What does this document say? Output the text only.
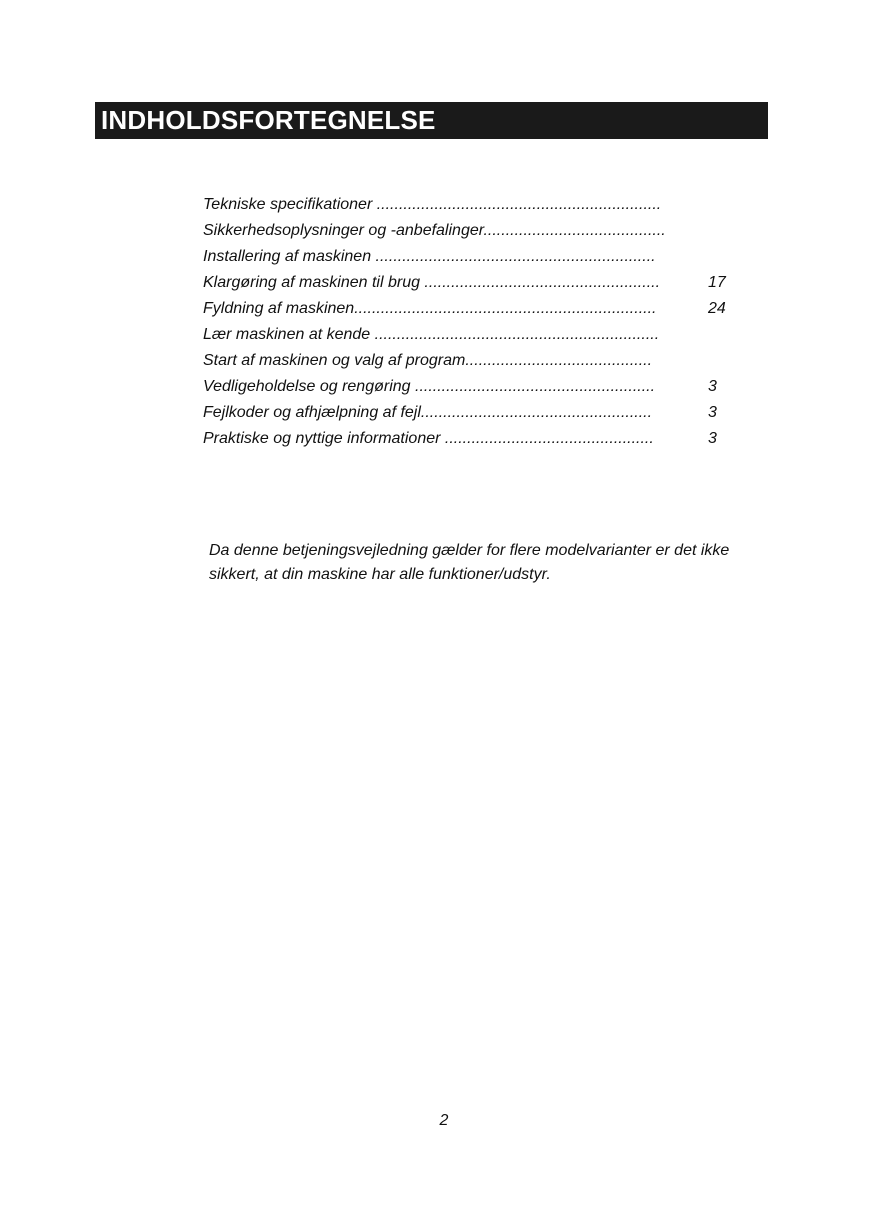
INDHOLDSFORTEGNELSE
Tekniske specifikationer ................................................................
Sikkerhedsoplysninger og -anbefalinger.........................................
Installering af maskinen ...............................................................
Klargøring af maskinen til brug .....................................................	17
Fyldning af maskinen....................................................................	24
Lær maskinen at kende ................................................................
Start af maskinen og valg af program..........................................
Vedligeholdelse og rengøring ......................................................	3
Fejlkoder og afhjælpning af fejl....................................................	3
Praktiske og nyttige informationer ...............................................	3
Da denne betjeningsvejledning gælder for flere modelvarianter er det ikke sikkert, at din maskine har alle funktioner/udstyr.
2
